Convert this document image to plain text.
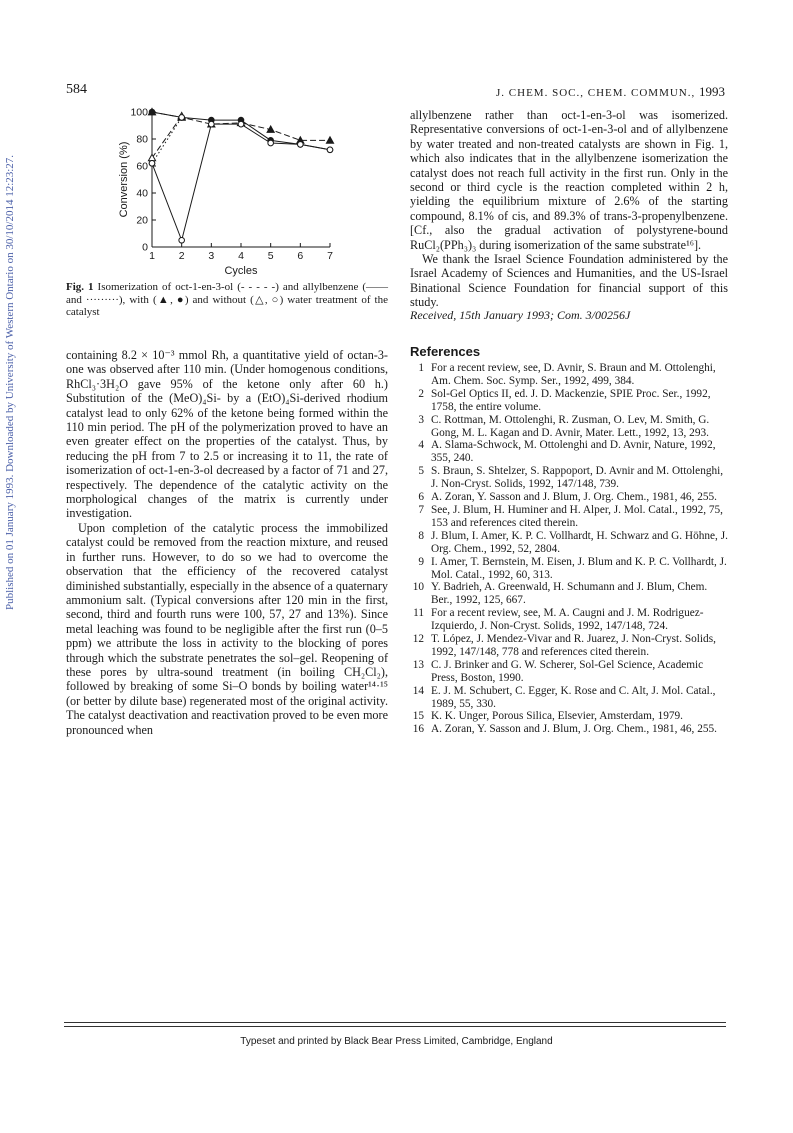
Published on 01 January 1993. Downloaded by University of Western Ontario on 30/10/2014 12:23:27.
584	J. CHEM. SOC., CHEM. COMMUN., 1993
1 2 3 4 5 6 7
0
20
40
60
80
100
Cycles
Conversion (%)
Fig. 1 Isomerization of oct-1-en-3-ol (- - - - -) and allylbenzene (—— and ·········), with (▲, ●) and without (△, ○) water treatment of the catalyst

containing 8.2 × 10⁻³ mmol Rh, a quantitative yield of octan-3-one was observed after 110 min. (Under homogenous conditions, RhCl₃·3H₂O gave 95% of the ketone only after 60 h.) Substitution of the (MeO)₄Si- by a (EtO)₄Si-derived rhodium catalyst lead to only 62% of the ketone being formed within the 110 min period. The pH of the polymerization proved to have an even greater effect on the properties of the catalyst. Thus, by reducing the pH from 7 to 2.5 or increasing it to 11, the rate of isomerization of oct-1-en-3-ol decreased by a factor of 71 and 27, respectively. The dependence of the catalytic activity on the morphological changes of the matrix is currently under investigation.

Upon completion of the catalytic process the immobilized catalyst could be removed from the reaction mixture, and reused in further runs. However, to do so we had to overcome the observation that the efficiency of the recovered catalyst diminished substantially, especially in the absence of a quaternary ammonium salt. (Typical conversions after 120 min in the first, second, third and fourth runs were 100, 57, 27 and 13%). Since metal leaching was found to be negligible after the first run (0–5 ppm) we attribute the loss in activity to the blocking of pores through which the substrate penetrates the sol–gel. Reopening of these pores by ultra-sound treatment (in boiling CH₂Cl₂), followed by breaking of some Si–O bonds by boiling water¹⁴·¹⁵ (or better by dilute base) regenerated most of the original activity. The catalyst deactivation and reactivation proved to be even more pronounced when

allylbenzene rather than oct-1-en-3-ol was isomerized. Representative conversions of oct-1-en-3-ol and of allylbenzene by water treated and non-treated catalysts are shown in Fig. 1, which also indicates that in the allylbenzene isomerization the catalyst does not reach full activity in the first run. Only in the second or third cycle is the reaction completed within 2 h, yielding the equilibrium mixture of 2.6% of the starting compound, 8.1% of cis, and 89.3% of trans-3-propenylbenzene. [Cf., also the gradual activation of polystyrene-bound RuCl₂(PPh₃)₃ during isomerization of the same substrate¹⁶].

We thank the Israel Science Foundation administered by the Israel Academy of Sciences and Humanities, and the US-Israel Binational Science Foundation for financial support of this study.

Received, 15th January 1993; Com. 3/00256J
References
1 For a recent review, see, D. Avnir, S. Braun and M. Ottolenghi, Am. Chem. Soc. Symp. Ser., 1992, 499, 384.
2 Sol-Gel Optics II, ed. J. D. Mackenzie, SPIE Proc. Ser., 1992, 1758, the entire volume.
3 C. Rottman, M. Ottolenghi, R. Zusman, O. Lev, M. Smith, G. Gong, M. L. Kagan and D. Avnir, Mater. Lett., 1992, 13, 293.
4 A. Slama-Schwock, M. Ottolenghi and D. Avnir, Nature, 1992, 355, 240.
5 S. Braun, S. Shtelzer, S. Rappoport, D. Avnir and M. Ottolenghi, J. Non-Cryst. Solids, 1992, 147/148, 739.
6 A. Zoran, Y. Sasson and J. Blum, J. Org. Chem., 1981, 46, 255.
7 See, J. Blum, H. Huminer and H. Alper, J. Mol. Catal., 1992, 75, 153 and references cited therein.
8 J. Blum, I. Amer, K. P. C. Vollhardt, H. Schwarz and G. Höhne, J. Org. Chem., 1992, 52, 2804.
9 I. Amer, T. Bernstein, M. Eisen, J. Blum and K. P. C. Vollhardt, J. Mol. Catal., 1992, 60, 313.
10 Y. Badrieh, A. Greenwald, H. Schumann and J. Blum, Chem. Ber., 1992, 125, 667.
11 For a recent review, see, M. A. Caugni and J. M. Rodriguez-Izquierdo, J. Non-Cryst. Solids, 1992, 147/148, 724.
12 T. López, J. Mendez-Vivar and R. Juarez, J. Non-Cryst. Solids, 1992, 147/148, 778 and references cited therein.
13 C. J. Brinker and G. W. Scherer, Sol-Gel Science, Academic Press, Boston, 1990.
14 E. J. M. Schubert, C. Egger, K. Rose and C. Alt, J. Mol. Catal., 1989, 55, 330.
15 K. K. Unger, Porous Silica, Elsevier, Amsterdam, 1979.
16 A. Zoran, Y. Sasson and J. Blum, J. Org. Chem., 1981, 46, 255.
Typeset and printed by Black Bear Press Limited, Cambridge, England
